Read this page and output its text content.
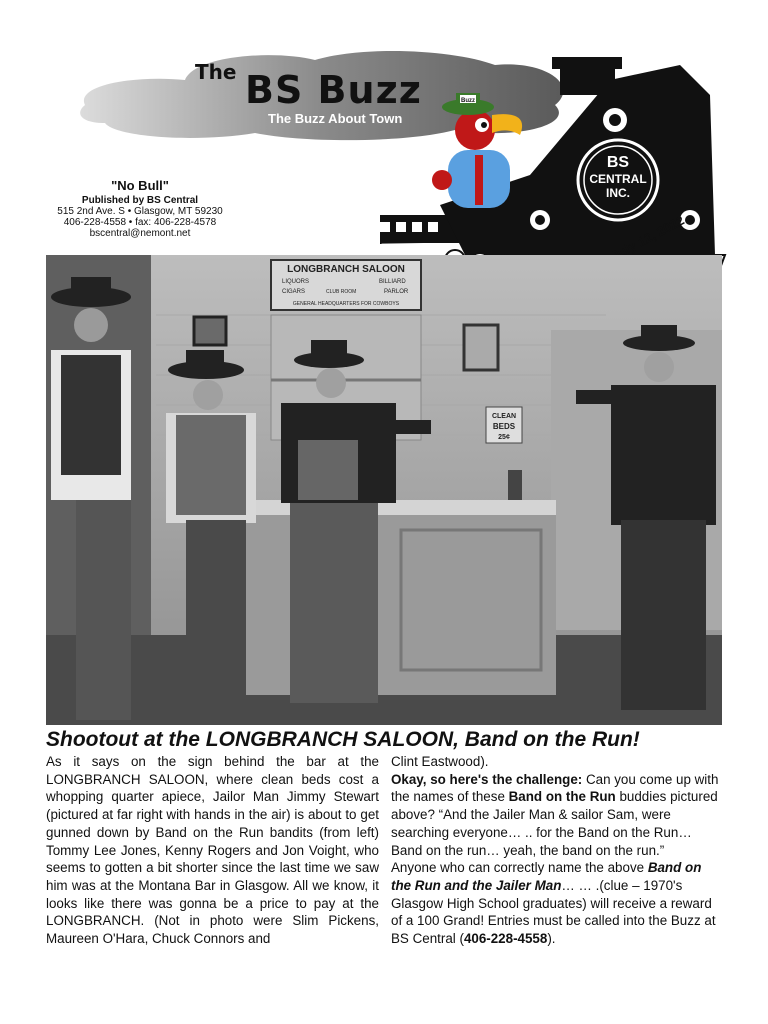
The BS Buzz
The Buzz About Town
"No Bull"
Published by BS Central
515 2nd Ave. S • Glasgow, MT 59230
406-228-4558 • fax: 406-228-4578
bscentral@nemont.net
BS
CENTRAL
INC.
Buzz
LONGBRANCH SALOON
LIQUORS	BILLIARD
CIGARS	CLUB ROOM	PARLOR
GENERAL HEADQUARTERS FOR COWBOYS
CLEAN
BEDS
25¢
Shootout at the LONGBRANCH SALOON, Band on the Run!

As it says on the sign behind the bar at the LONGBRANCH SALOON, where clean beds cost a whopping quarter apiece, Jailor Man Jimmy Stewart (pictured at far right with hands in the air) is about to get gunned down by Band on the Run bandits (from left) Tommy Lee Jones, Kenny Rogers and Jon Voight, who seems to gotten a bit shorter since the last time we saw him was at the Montana Bar in Glasgow. All we know, it looks like there was gonna be a price to pay at the LONGBRANCH. (Not in photo were Slim Pickens, Maureen O'Hara, Chuck Connors and

Clint Eastwood).

Okay, so here's the challenge: Can you come up with the names of these Band on the Run buddies pictured above? “And the Jailer Man & sailor Sam, were searching everyone… .. for the Band on the Run… Band on the run… yeah, the band on the run.”

Anyone who can correctly name the above Band on the Run and the Jailer Man… … .(clue – 1970's Glasgow High School graduates) will receive a reward of a 100 Grand! Entries must be called into the Buzz at BS Central (406-228-4558).
